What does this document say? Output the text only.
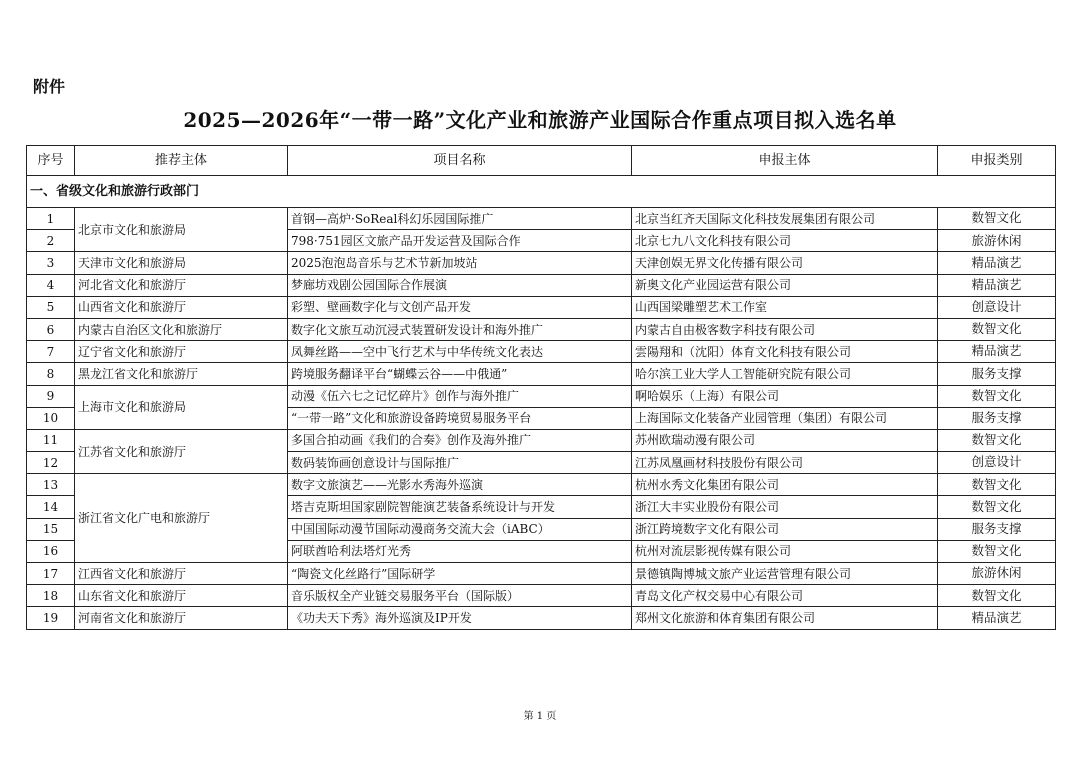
附件
2025—2026年“一带一路”文化产业和旅游产业国际合作重点项目拟入选名单
序号	推荐主体	项目名称	申报主体	申报类别
一、省级文化和旅游行政部门				
1	北京市文化和旅游局	首钢—高炉·SoReal科幻乐园国际推广	北京当红齐天国际文化科技发展集团有限公司	数智文化
2		798·751园区文旅产品开发运营及国际合作	北京七九八文化科技有限公司	旅游休闲
3	天津市文化和旅游局	2025泡泡岛音乐与艺术节新加坡站	天津创娱无界文化传播有限公司	精品演艺
4	河北省文化和旅游厅	梦廊坊戏剧公园国际合作展演	新奥文化产业园运营有限公司	精品演艺
5	山西省文化和旅游厅	彩塑、壁画数字化与文创产品开发	山西国梁雕塑艺术工作室	创意设计
6	内蒙古自治区文化和旅游厅	数字化文旅互动沉浸式装置研发设计和海外推广	内蒙古自由极客数字科技有限公司	数智文化
7	辽宁省文化和旅游厅	凤舞丝路——空中飞行艺术与中华传统文化表达	雲陽翔和（沈阳）体育文化科技有限公司	精品演艺
8	黑龙江省文化和旅游厅	跨境服务翻译平台“蝴蝶云谷——中俄通”	哈尔滨工业大学人工智能研究院有限公司	服务支撑
9	上海市文化和旅游局	动漫《伍六七之记忆碎片》创作与海外推广	啊哈娱乐（上海）有限公司	数智文化
10		“一带一路”文化和旅游设备跨境贸易服务平台	上海国际文化装备产业园管理（集团）有限公司	服务支撑
11	江苏省文化和旅游厅	多国合拍动画《我们的合奏》创作及海外推广	苏州欧瑞动漫有限公司	数智文化
12		数码装饰画创意设计与国际推广	江苏凤凰画材科技股份有限公司	创意设计
13	浙江省文化广电和旅游厅	数字文旅演艺——光影水秀海外巡演	杭州水秀文化集团有限公司	数智文化
14		塔吉克斯坦国家剧院智能演艺装备系统设计与开发	浙江大丰实业股份有限公司	数智文化
15		中国国际动漫节国际动漫商务交流大会（iABC）	浙江跨境数字文化有限公司	服务支撑
16		阿联酋哈利法塔灯光秀	杭州对流层影视传媒有限公司	数智文化
17	江西省文化和旅游厅	“陶瓷文化丝路行”国际研学	景德镇陶博城文旅产业运营管理有限公司	旅游休闲
18	山东省文化和旅游厅	音乐版权全产业链交易服务平台（国际版）	青岛文化产权交易中心有限公司	数智文化
19	河南省文化和旅游厅	《功夫天下秀》海外巡演及IP开发	郑州文化旅游和体育集团有限公司	精品演艺
第 1 页
